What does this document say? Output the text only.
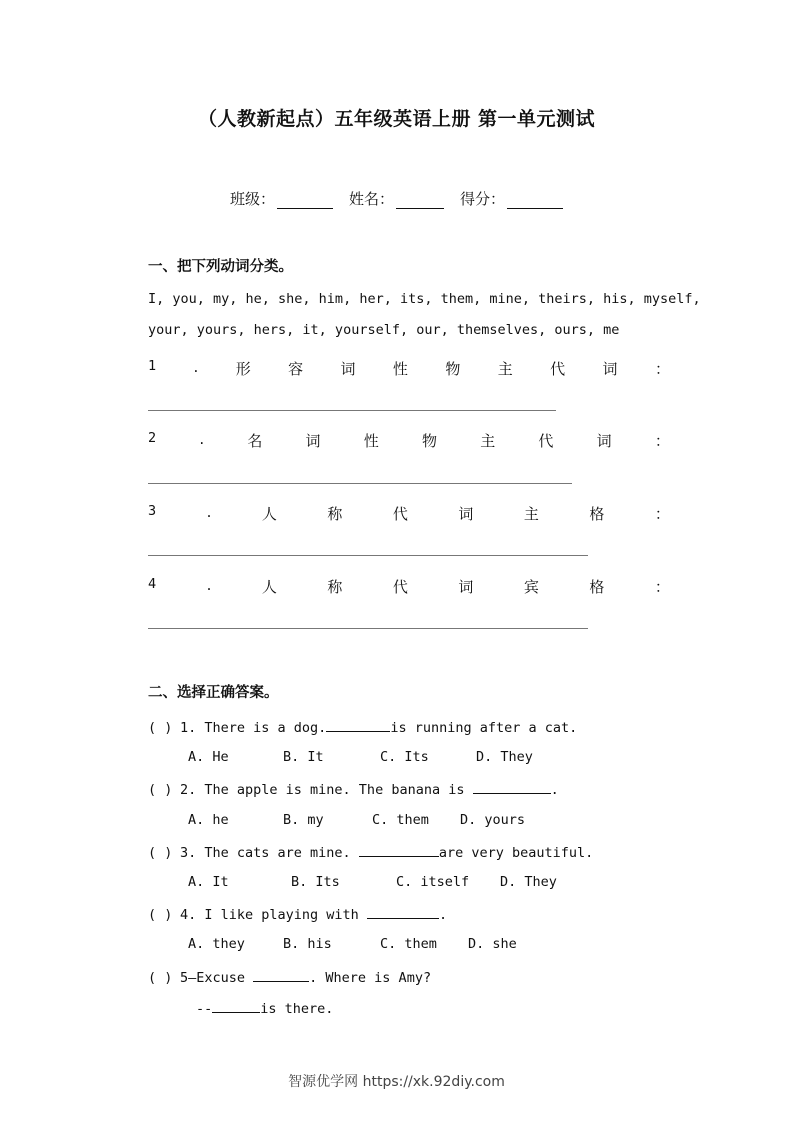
（人教新起点）五年级英语上册 第一单元测试
班级：	姓名：	得分：
一、把下列动词分类。
I, you, my, he, she, him, her, its, them, mine, theirs, his, myself,
your, yours, hers, it, yourself, our, themselves, ours, me
1 . 形 容 词 性 物 主 代 词 ：
2	.	名	词	性	物	主	代	词	：
3	.	人	称	代	词	主	格	：
4	.	人	称	代	词	宾	格	：
二、选择正确答案。
( ) 1. There is a dog.	is running after a cat.
A. He	B. It	C. Its	D. They
( ) 2. The apple is mine. The banana is	.
A. he	B. my	C. them D. yours
( ) 3. The cats are mine.	are very beautiful.
A. It	B. Its	C. itself D. They
( ) 4. I like playing with	.
A. they	B. his	C. them D. she
( ) 5—Excuse	. Where is Amy?
--	is there.
智源优学网 https://xk.92diy.com
